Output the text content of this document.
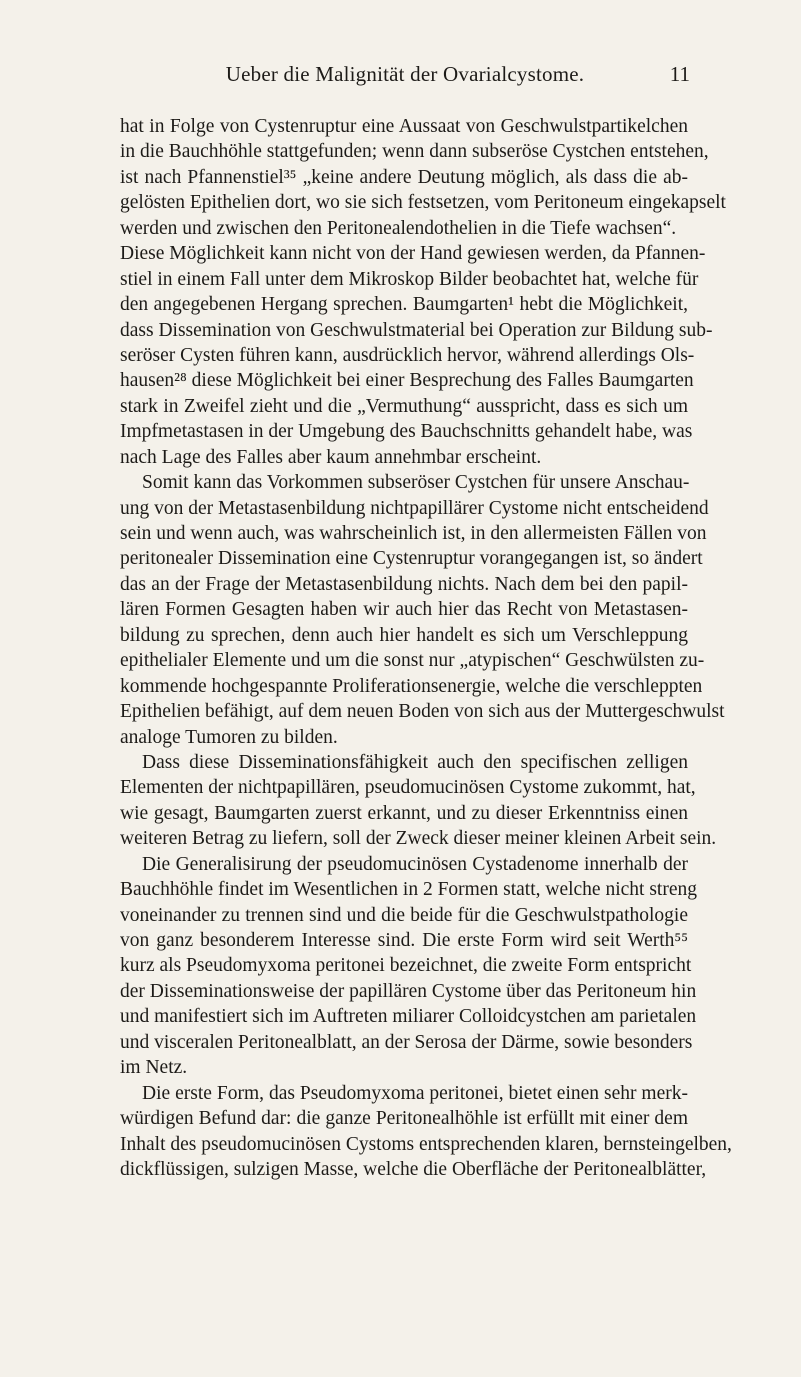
Ueber die Malignität der Ovarialcystome.	11
hat in Folge von Cystenruptur eine Aussaat von Geschwulstpartikelchen
in die Bauchhöhle stattgefunden; wenn dann subseröse Cystchen entstehen,
ist nach Pfannenstiel³⁵ „keine andere Deutung möglich, als dass die ab-
gelösten Epithelien dort, wo sie sich festsetzen, vom Peritoneum eingekapselt
werden und zwischen den Peritonealendothelien in die Tiefe wachsen“.
Diese Möglichkeit kann nicht von der Hand gewiesen werden, da Pfannen-
stiel in einem Fall unter dem Mikroskop Bilder beobachtet hat, welche für
den angegebenen Hergang sprechen. Baumgarten¹ hebt die Möglichkeit,
dass Dissemination von Geschwulstmaterial bei Operation zur Bildung sub-
seröser Cysten führen kann, ausdrücklich hervor, während allerdings Ols-
hausen²⁸ diese Möglichkeit bei einer Besprechung des Falles Baumgarten
stark in Zweifel zieht und die „Vermuthung“ ausspricht, dass es sich um
Impfmetastasen in der Umgebung des Bauchschnitts gehandelt habe, was
nach Lage des Falles aber kaum annehmbar erscheint.
Somit kann das Vorkommen subseröser Cystchen für unsere Anschau-
ung von der Metastasenbildung nichtpapillärer Cystome nicht entscheidend
sein und wenn auch, was wahrscheinlich ist, in den allermeisten Fällen von
peritonealer Dissemination eine Cystenruptur vorangegangen ist, so ändert
das an der Frage der Metastasenbildung nichts. Nach dem bei den papil-
lären Formen Gesagten haben wir auch hier das Recht von Metastasen-
bildung zu sprechen, denn auch hier handelt es sich um Verschleppung
epithelialer Elemente und um die sonst nur „atypischen“ Geschwülsten zu-
kommende hochgespannte Proliferationsenergie, welche die verschleppten
Epithelien befähigt, auf dem neuen Boden von sich aus der Muttergeschwulst
analoge Tumoren zu bilden.
Dass diese Disseminationsfähigkeit auch den specifischen zelligen
Elementen der nichtpapillären, pseudomucinösen Cystome zukommt, hat,
wie gesagt, Baumgarten zuerst erkannt, und zu dieser Erkenntniss einen
weiteren Betrag zu liefern, soll der Zweck dieser meiner kleinen Arbeit sein.
Die Generalisirung der pseudomucinösen Cystadenome innerhalb der
Bauchhöhle findet im Wesentlichen in 2 Formen statt, welche nicht streng
voneinander zu trennen sind und die beide für die Geschwulstpathologie
von ganz besonderem Interesse sind. Die erste Form wird seit Werth⁵⁵
kurz als Pseudomyxoma peritonei bezeichnet, die zweite Form entspricht
der Disseminationsweise der papillären Cystome über das Peritoneum hin
und manifestiert sich im Auftreten miliarer Colloidcystchen am parietalen
und visceralen Peritonealblatt, an der Serosa der Därme, sowie besonders
im Netz.
Die erste Form, das Pseudomyxoma peritonei, bietet einen sehr merk-
würdigen Befund dar: die ganze Peritonealhöhle ist erfüllt mit einer dem
Inhalt des pseudomucinösen Cystoms entsprechenden klaren, bernsteingelben,
dickflüssigen, sulzigen Masse, welche die Oberfläche der Peritonealblätter,
